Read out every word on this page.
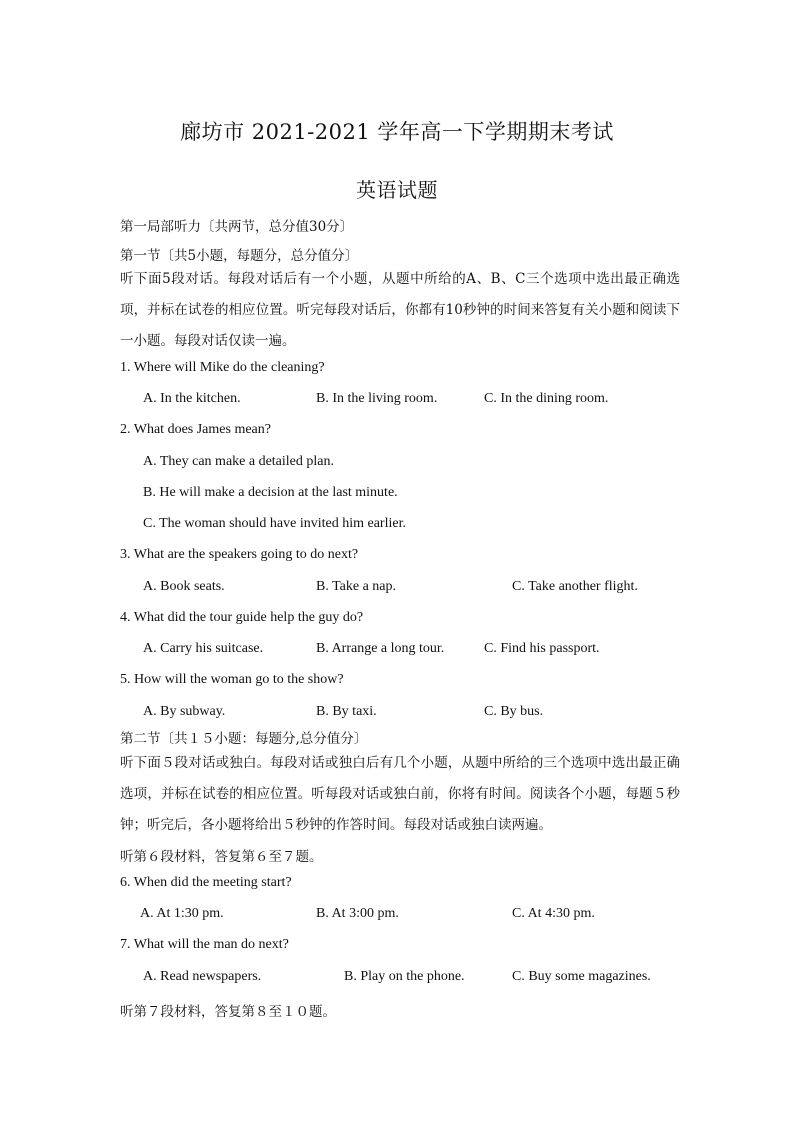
廊坊市 2021-2021 学年高一下学期期末考试
英语试题
第一局部听力〔共两节，总分值30分〕
第一节〔共5小题，每题分，总分值分〕
听下面5段对话。每段对话后有一个小题，从题中所给的A、B、C三个选项中选出最正确选项，并标在试卷的相应位置。听完每段对话后，你都有10秒钟的时间来答复有关小题和阅读下一小题。每段对话仅读一遍。
1. Where will Mike do the cleaning?
A. In the kitchen.	B. In the living room.	C. In the dining room.
2. What does James mean?
A. They can make a detailed plan.
B. He will make a decision at the last minute.
C. The woman should have invited him earlier.
3. What are the speakers going to do next?
A. Book seats.	B. Take a nap.	C. Take another flight.
4. What did the tour guide help the guy do?
A. Carry his suitcase.	B. Arrange a long tour.	C. Find his passport.
5. How will the woman go to the show?
A. By subway.	B. By taxi.	C. By bus.
第二节〔共１５小题：每题分,总分值分〕
听下面５段对话或独白。每段对话或独白后有几个小题，从题中所给的三个选项中选出最正确选项，并标在试卷的相应位置。听每段对话或独白前，你将有时间。阅读各个小题，每题５秒钟；听完后，各小题将给出５秒钟的作答时间。每段对话或独白读两遍。
听第６段材料，答复第６至７题。
6. When did the meeting start?
A. At 1:30 pm.	B. At 3:00 pm.	C. At 4:30 pm.
7. What will the man do next?
A. Read newspapers.	B. Play on the phone.	C. Buy some magazines.
听第７段材料，答复第８至１０题。
